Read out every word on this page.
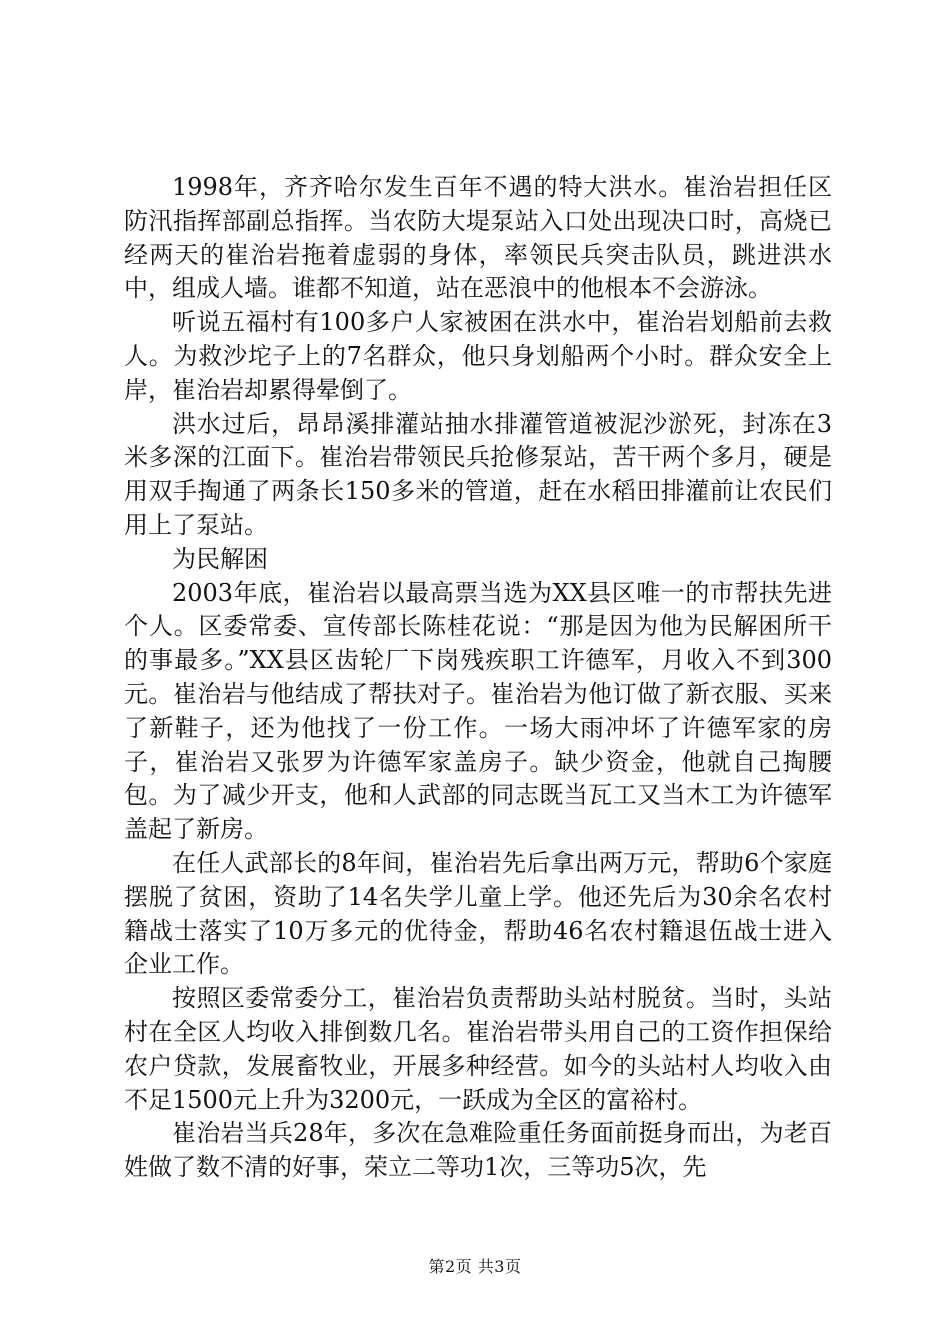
1998年，齐齐哈尔发生百年不遇的特大洪水。崔治岩担任区防汛指挥部副总指挥。当农防大堤泵站入口处出现决口时，高烧已经两天的崔治岩拖着虚弱的身体，率领民兵突击队员，跳进洪水中，组成人墙。谁都不知道，站在恶浪中的他根本不会游泳。

听说五福村有100多户人家被困在洪水中，崔治岩划船前去救人。为救沙坨子上的7名群众，他只身划船两个小时。群众安全上岸，崔治岩却累得晕倒了。

洪水过后，昂昂溪排灌站抽水排灌管道被泥沙淤死，封冻在3米多深的江面下。崔治岩带领民兵抢修泵站，苦干两个多月，硬是用双手掏通了两条长150多米的管道，赶在水稻田排灌前让农民们用上了泵站。

为民解困

2003年底，崔治岩以最高票当选为XX县区唯一的市帮扶先进个人。区委常委、宣传部长陈桂花说：“那是因为他为民解困所干的事最多。”XX县区齿轮厂下岗残疾职工许德军，月收入不到300元。崔治岩与他结成了帮扶对子。崔治岩为他订做了新衣服、买来了新鞋子，还为他找了一份工作。一场大雨冲坏了许德军家的房子，崔治岩又张罗为许德军家盖房子。缺少资金，他就自己掏腰包。为了减少开支，他和人武部的同志既当瓦工又当木工为许德军盖起了新房。

在任人武部长的8年间，崔治岩先后拿出两万元，帮助6个家庭摆脱了贫困，资助了14名失学儿童上学。他还先后为30余名农村籍战士落实了10万多元的优待金，帮助46名农村籍退伍战士进入企业工作。

按照区委常委分工，崔治岩负责帮助头站村脱贫。当时，头站村在全区人均收入排倒数几名。崔治岩带头用自己的工资作担保给农户贷款，发展畜牧业，开展多种经营。如今的头站村人均收入由不足1500元上升为3200元，一跃成为全区的富裕村。

崔治岩当兵28年，多次在急难险重任务面前挺身而出，为老百姓做了数不清的好事，荣立二等功1次，三等功5次，先

第2页 共3页
